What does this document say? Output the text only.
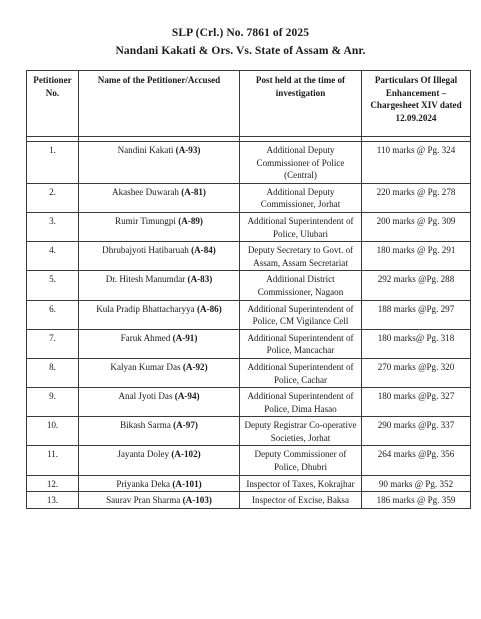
SLP (Crl.) No. 7861 of 2025
Nandani Kakati & Ors. Vs. State of Assam & Anr.
Petitioner No.	Name of the Petitioner/Accused	Post held at the time of investigation	Particulars Of Illegal Enhancement – Chargesheet XIV dated 12.09.2024

1.	Nandini Kakati (A-93)	Additional Deputy Commissioner of Police (Central)	110 marks @ Pg. 324
2.	Akashee Duwarah (A-81)	Additional Deputy Commissioner, Jorhat	220 marks @ Pg. 278
3.	Rumir Timungpi (A-89)	Additional Superintendent of Police, Ulubari	200 marks @ Pg. 309
4.	Dhrubajyoti Hatibaruah (A-84)	Deputy Secretary to Govt. of Assam, Assam Secretariat	180 marks @ Pg. 291
5.	Dr. Hitesh Manumdar (A-83)	Additional District Commissioner, Nagaon	292 marks @Pg. 288
6.	Kula Pradip Bhattacharyya (A-86)	Additional Superintendent of Police, CM Vigilance Cell	188 marks @Pg. 297
7.	Faruk Ahmed (A-91)	Additional Superintendent of Police, Mancachar	180 marks@ Pg. 318
8.	Kalyan Kumar Das (A-92)	Additional Superintendent of Police, Cachar	270 marks @Pg. 320
9.	Anal Jyoti Das (A-94)	Additional Superintendent of Police, Dima Hasao	180 marks @Pg. 327
10.	Bikash Sarma (A-97)	Deputy Registrar Co-operative Societies, Jorhat	290 marks @Pg. 337
11.	Jayanta Doley (A-102)	Deputy Commissioner of Police, Dhubri	264 marks @Pg. 356
12.	Priyanka Deka (A-101)	Inspector of Taxes, Kokrajhar	90 marks @ Pg. 352
13.	Saurav Pran Sharma (A-103)	Inspector of Excise, Baksa	186 marks @ Pg. 359
